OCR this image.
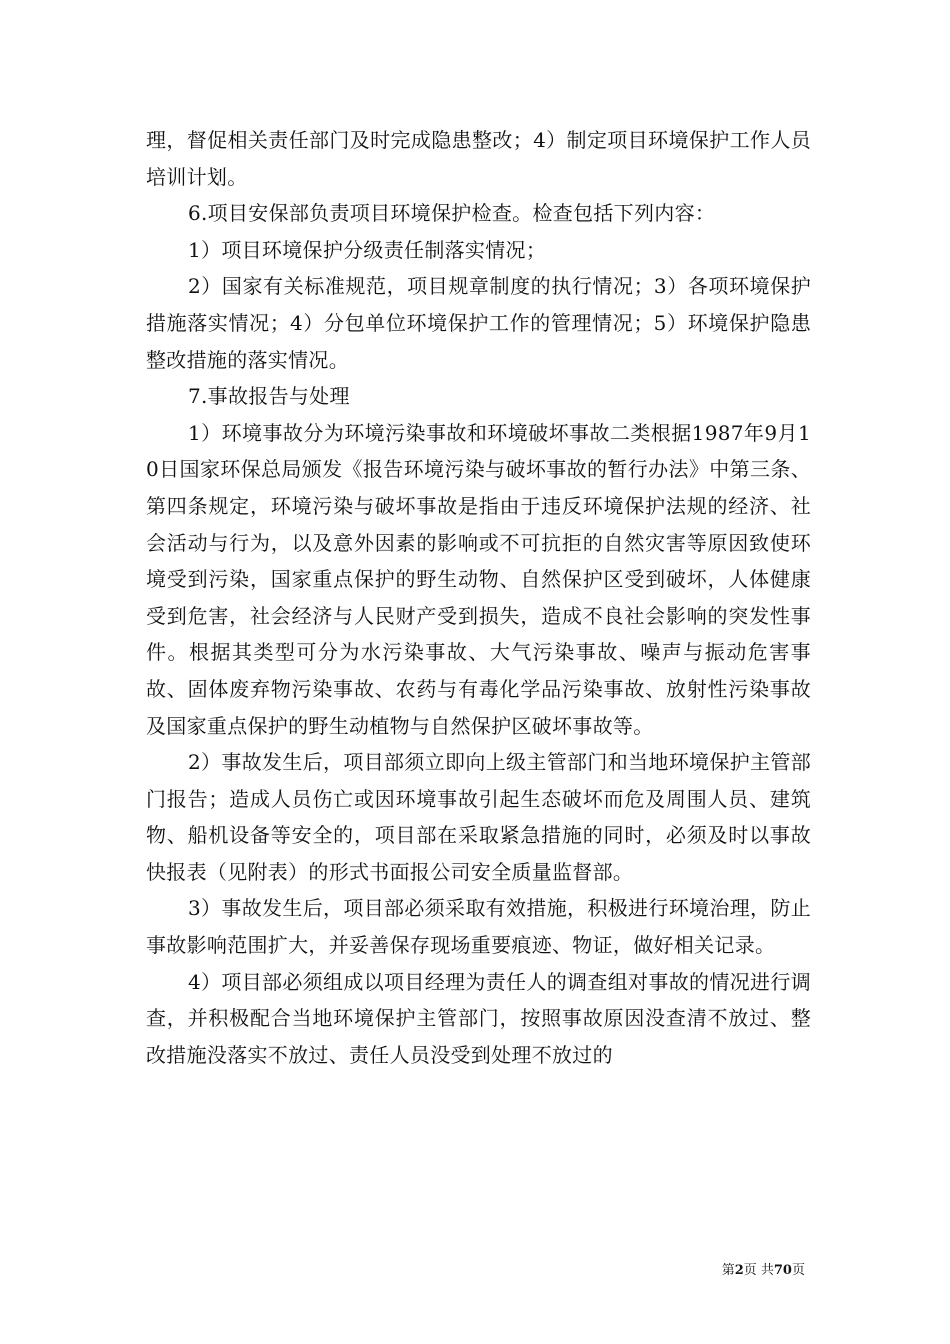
理，督促相关责任部门及时完成隐患整改；4）制定项目环境保护工作人员培训计划。

6.项目安保部负责项目环境保护检查。检查包括下列内容：

1）项目环境保护分级责任制落实情况；

2）国家有关标准规范，项目规章制度的执行情况；3）各项环境保护措施落实情况；4）分包单位环境保护工作的管理情况；5）环境保护隐患整改措施的落实情况。

7.事故报告与处理

1）环境事故分为环境污染事故和环境破坏事故二类根据1987年9月10日国家环保总局颁发《报告环境污染与破坏事故的暂行办法》中第三条、第四条规定，环境污染与破坏事故是指由于违反环境保护法规的经济、社会活动与行为，以及意外因素的影响或不可抗拒的自然灾害等原因致使环境受到污染，国家重点保护的野生动物、自然保护区受到破坏，人体健康受到危害，社会经济与人民财产受到损失，造成不良社会影响的突发性事件。根据其类型可分为水污染事故、大气污染事故、噪声与振动危害事故、固体废弃物污染事故、农药与有毒化学品污染事故、放射性污染事故及国家重点保护的野生动植物与自然保护区破坏事故等。

2）事故发生后，项目部须立即向上级主管部门和当地环境保护主管部门报告；造成人员伤亡或因环境事故引起生态破坏而危及周围人员、建筑物、船机设备等安全的，项目部在采取紧急措施的同时，必须及时以事故快报表（见附表）的形式书面报公司安全质量监督部。

3）事故发生后，项目部必须采取有效措施，积极进行环境治理，防止事故影响范围扩大，并妥善保存现场重要痕迹、物证，做好相关记录。

4）项目部必须组成以项目经理为责任人的调查组对事故的情况进行调查，并积极配合当地环境保护主管部门，按照事故原因没查清不放过、整改措施没落实不放过、责任人员没受到处理不放过的

第2页 共70页
